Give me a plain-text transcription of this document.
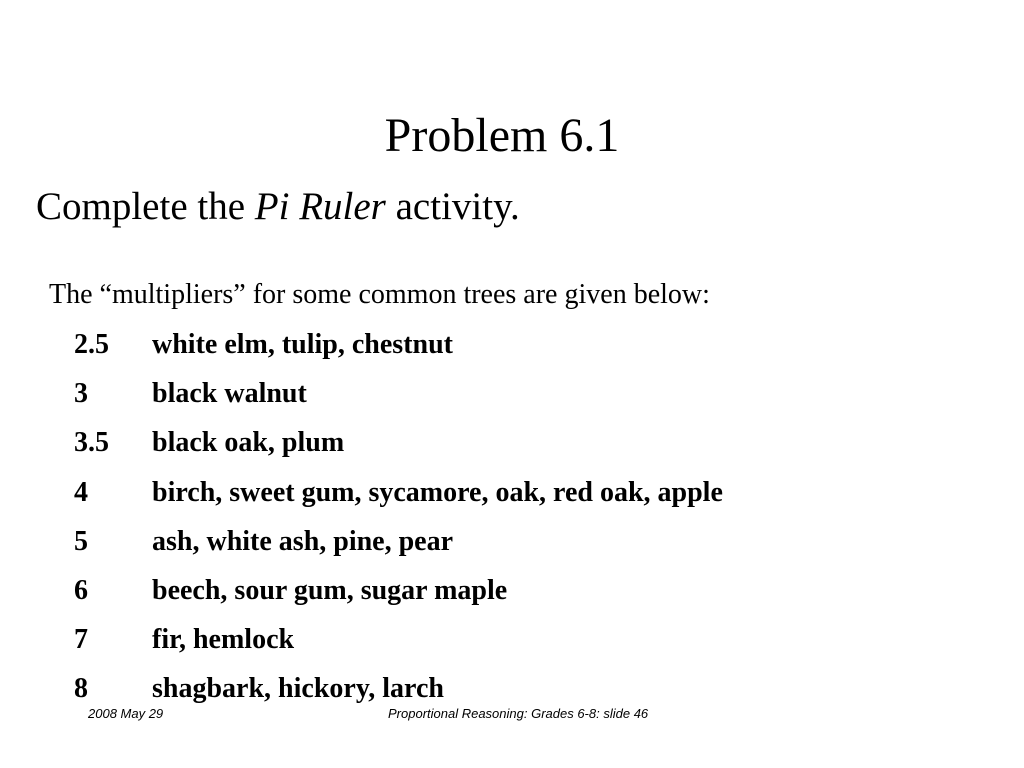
Problem 6.1
Complete the Pi Ruler activity.
The “multipliers” for some common trees are given below:
2.5	white elm, tulip, chestnut
3	black walnut
3.5	black oak, plum
4	birch, sweet gum, sycamore, oak, red oak, apple
5	ash, white ash, pine, pear
6	beech, sour gum, sugar maple
7	fir, hemlock
8	shagbark, hickory, larch
2008 May 29	Proportional Reasoning: Grades 6-8: slide 46
